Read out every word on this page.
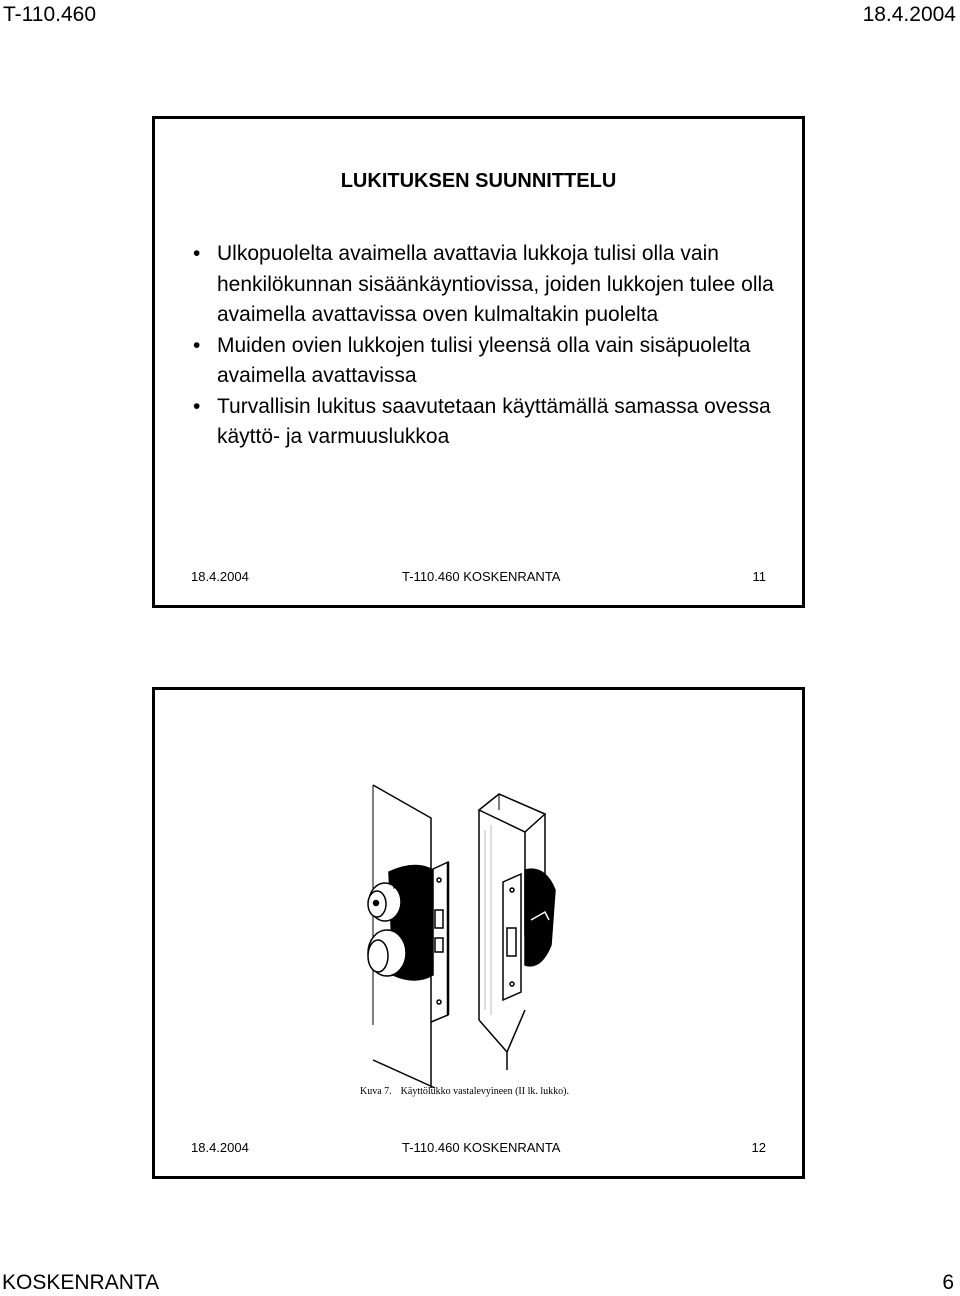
T-110.460	18.4.2004
LUKITUKSEN SUUNNITTELU
• Ulkopuolelta avaimella avattavia lukkoja tulisi olla vain henkilökunnan sisäänkäyntiovissa, joiden lukkojen tulee olla avaimella avattavissa oven kulmaltakin puolelta
• Muiden ovien lukkojen tulisi yleensä olla vain sisäpuolelta avaimella avattavissa
• Turvallisin lukitus saavutetaan käyttämällä samassa ovessa käyttö- ja varmuuslukkoa
18.4.2004	T-110.460 KOSKENRANTA	11
Kuva 7. Käyttölukko vastalevyineen (II lk. lukko).
18.4.2004	T-110.460 KOSKENRANTA	12
KOSKENRANTA	6
